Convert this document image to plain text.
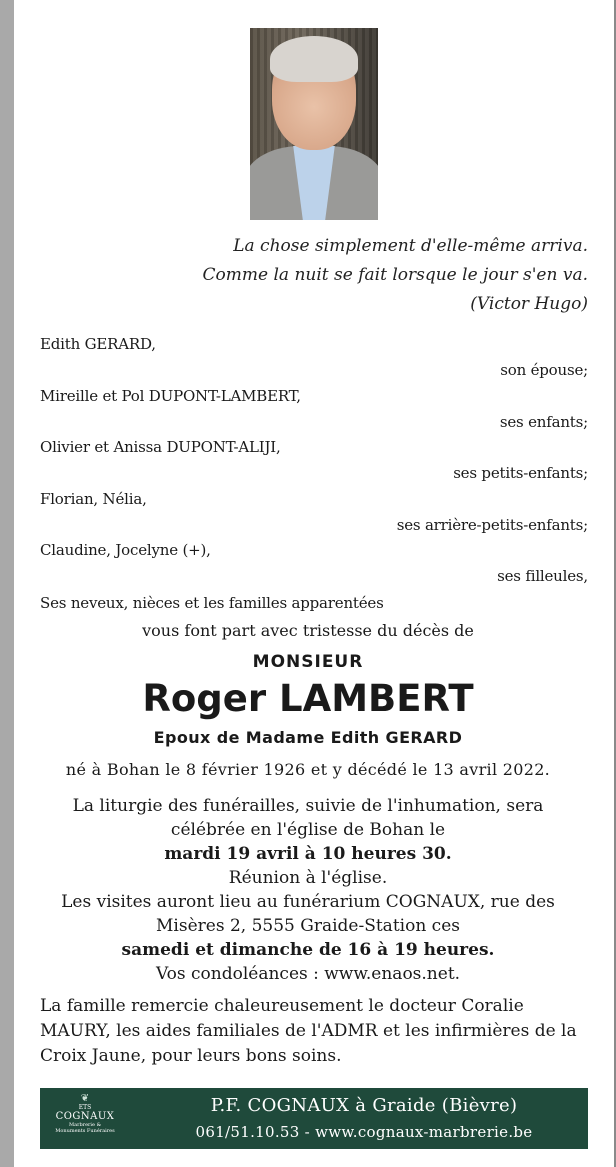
La chose simplement d'elle-même arriva.
Comme la nuit se fait lorsque le jour s'en va.
(Victor Hugo)
Edith GERARD,
son épouse;
Mireille et Pol DUPONT-LAMBERT,
ses enfants;
Olivier et Anissa DUPONT-ALIJI,
ses petits-enfants;
Florian, Nélia,
ses arrière-petits-enfants;
Claudine, Jocelyne (+),
ses filleules,
Ses neveux, nièces et les familles apparentées
vous font part avec tristesse du décès de
MONSIEUR
Roger LAMBERT
Epoux de Madame Edith GERARD
né à Bohan le 8 février 1926 et y décédé le 13 avril 2022.
La liturgie des funérailles, suivie de l'inhumation, sera
célébrée en l'église de Bohan le
mardi 19 avril à 10 heures 30.
Réunion à l'église.
Les visites auront lieu au funérarium COGNAUX, rue des
Misères 2, 5555 Graide-Station ces
samedi et dimanche de 16 à 19 heures.
Vos condoléances : www.enaos.net.
La famille remercie chaleureusement le docteur Coralie MAURY, les aides familiales de l'ADMR et les infirmières de la Croix Jaune, pour leurs bons soins.
❦
ETS
COGNAUX
Marbrerie &
Monuments Funéraires
P.F. COGNAUX à Graide (Bièvre)
061/51.10.53 - www.cognaux-marbrerie.be
